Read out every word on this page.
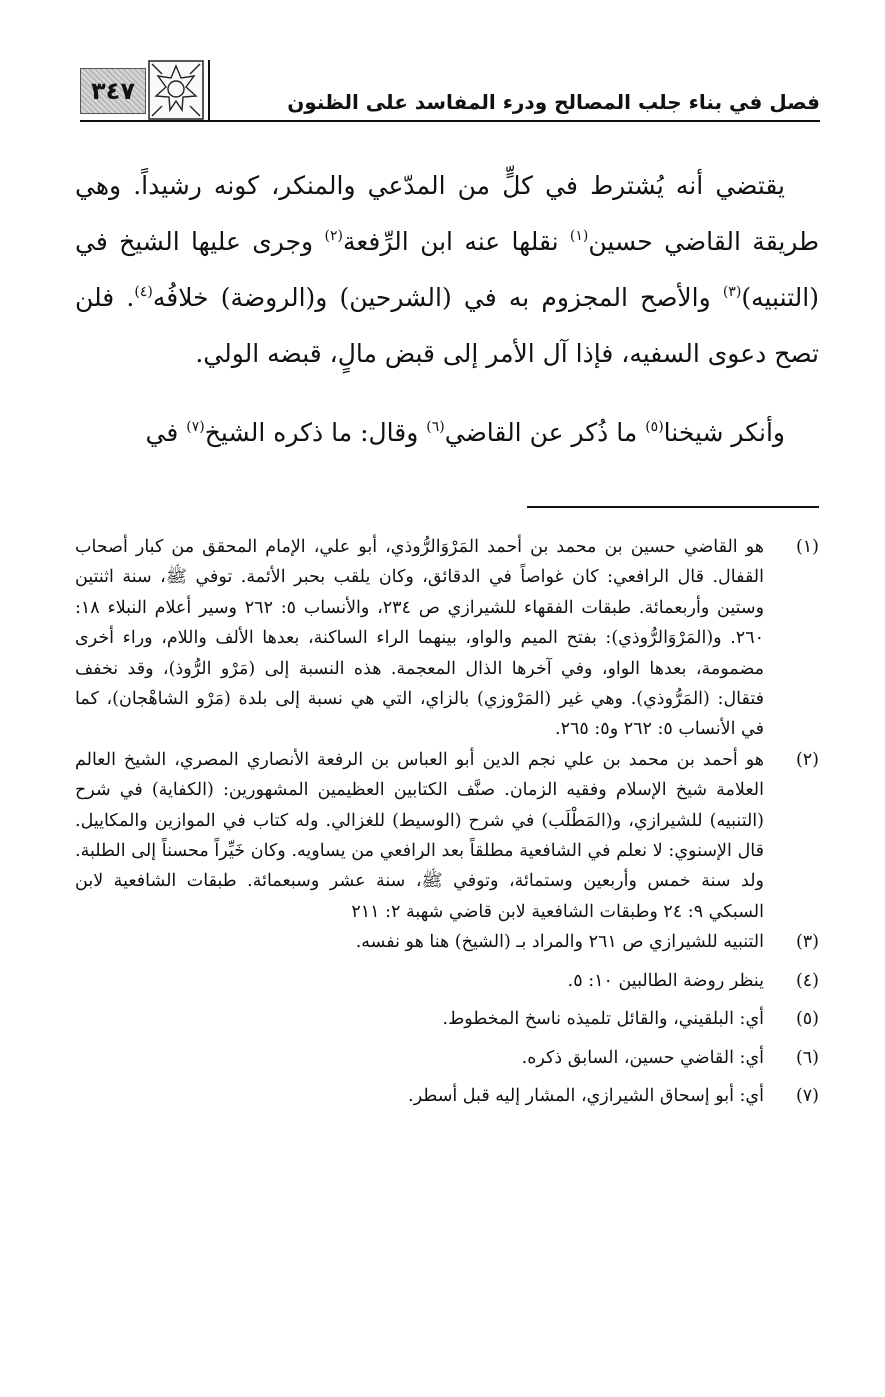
٣٤٧	فصل في بناء جلب المصالح ودرء المفاسد على الظنون

يقتضي أنه يُشترط في كلٍّ من المدّعي والمنكر، كونه رشيداً. وهي طريقة القاضي حسين$^{(١)}$ نقلها عنه ابن الرِّفعة$^{(٢)}$ وجرى عليها الشيخ في (التنبيه)$^{(٣)}$ والأصح المجزوم به في (الشرحين) و(الروضة) خلافُه$^{(٤)}$. فلن تصح دعوى السفيه، فإذا آل الأمر إلى قبض مالٍ، قبضه الولي.

وأنكر شيخنا$^{(٥)}$ ما ذُكر عن القاضي$^{(٦)}$ وقال: ما ذكره الشيخ$^{(٧)}$ في

(١)
هو القاضي حسين بن محمد بن أحمد المَرْوَالرُّوذي، أبو علي، الإمام المحقق من كبار أصحاب القفال. قال الرافعي: كان غواصاً في الدقائق، وكان يلقب بحبر الأئمة. توفي ﷺ، سنة اثنتين وستين وأربعمائة. طبقات الفقهاء للشيرازي ص ٢٣٤، والأنساب ٥: ٢٦٢ وسير أعلام النبلاء ١٨: ٢٦٠. و(المَرْوَالرُّوذي): بفتح الميم والواو، بينهما الراء الساكنة، بعدها الألف واللام، وراء أخرى مضمومة، بعدها الواو، وفي آخرها الذال المعجمة. هذه النسبة إلى (مَرْو الرُّوذ)، وقد نخفف فتقال: (المَرُّوذي). وهي غير (المَرْوزي) بالزاي، التي هي نسبة إلى بلدة (مَرْو الشاهْجان)، كما في الأنساب ٥: ٢٦٢ و٥: ٢٦٥.
(٢)
هو أحمد بن محمد بن علي نجم الدين أبو العباس بن الرفعة الأنصاري المصري، الشيخ العالم العلامة شيخ الإسلام وفقيه الزمان. صنَّف الكتابين العظيمين المشهورين: (الكفاية) في شرح (التنبيه) للشيرازي، و(المَطْلَب) في شرح (الوسيط) للغزالي. وله كتاب في الموازين والمكاييل. قال الإسنوي: لا نعلم في الشافعية مطلقاً بعد الرافعي من يساويه. وكان خَيِّراً محسناً إلى الطلبة. ولد سنة خمس وأربعين وستمائة، وتوفي ﷺ، سنة عشر وسبعمائة. طبقات الشافعية لابن السبكي ٩: ٢٤ وطبقات الشافعية لابن قاضي شهبة ٢: ٢١١
(٣)
التنبيه للشيرازي ص ٢٦١ والمراد بـ (الشيخ) هنا هو نفسه.
(٤)
ينظر روضة الطالبين ١٠: ٥.
(٥)
أي: البلقيني، والقائل تلميذه ناسخ المخطوط.
(٦)
أي: القاضي حسين، السابق ذكره.
(٧)
أي: أبو إسحاق الشيرازي، المشار إليه قبل أسطر.
